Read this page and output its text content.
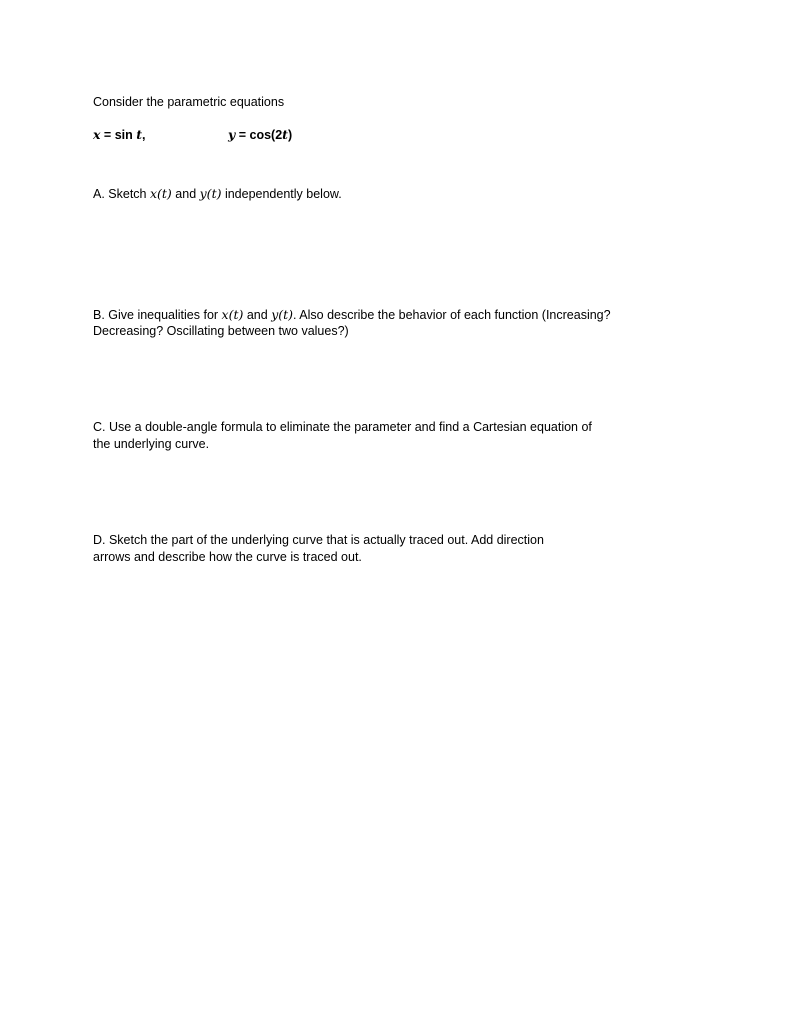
Consider the parametric equations
x = sin t,	y = cos(2t)
A. Sketch x(t) and y(t) independently below.
B. Give inequalities for x(t) and y(t). Also describe the behavior of each function (Increasing?
Decreasing? Oscillating between two values?)
C. Use a double-angle formula to eliminate the parameter and find a Cartesian equation of
the underlying curve.
D. Sketch the part of the underlying curve that is actually traced out. Add direction
arrows and describe how the curve is traced out.
